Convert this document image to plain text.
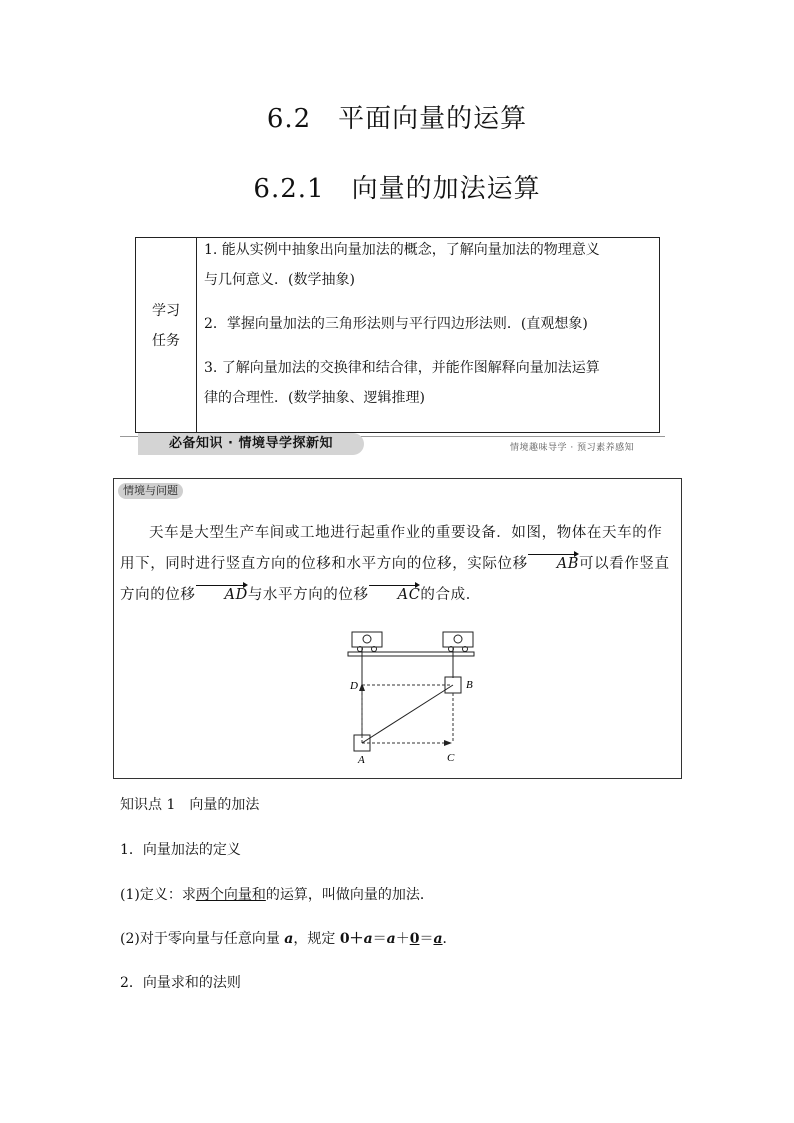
6.2　平面向量的运算
6.2.1　向量的加法运算
学习
任务
1. 能从实例中抽象出向量加法的概念，了解向量加法的物理意义
与几何意义．(数学抽象)
2．掌握向量加法的三角形法则与平行四边形法则．(直观想象)
3. 了解向量加法的交换律和结合律，并能作图解释向量加法运算
律的合理性．(数学抽象、逻辑推理)
必备知识 · 情境导学探新知	情境趣味导学 · 预习素养感知
情境与问题
天车是大型生产车间或工地进行起重作业的重要设备．如图，物体在天车的作用下，同时进行竖直方向的位移和水平方向的位移，实际位移 AB可以看作竖直方向的位移 AD与水平方向的位移 AC的合成．
A
B
C
D
知识点 1　向量的加法
1．向量加法的定义
(1)定义：求两个向量和的运算，叫做向量的加法．
(2)对于零向量与任意向量 a，规定 0＋a＝a＋0＝a．
2．向量求和的法则
